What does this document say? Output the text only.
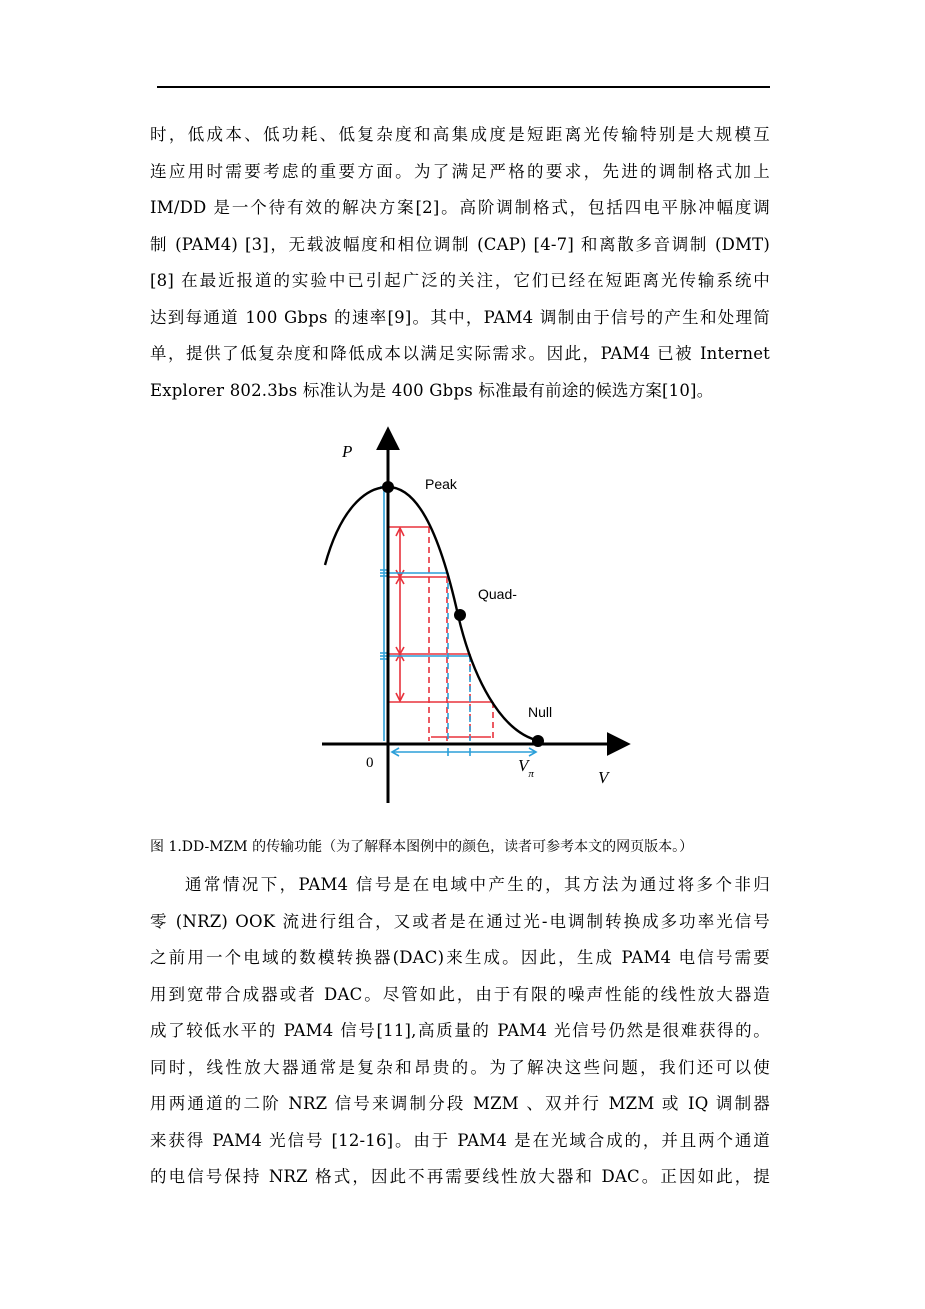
时，低成本、低功耗、低复杂度和高集成度是短距离光传输特别是大规模互
连应用时需要考虑的重要方面。为了满足严格的要求，先进的调制格式加上
IM/DD 是一个待有效的解决方案[2]。高阶调制格式，包括四电平脉冲幅度调
制 (PAM4) [3]，无载波幅度和相位调制 (CAP) [4-7] 和离散多音调制 (DMT)
[8] 在最近报道的实验中已引起广泛的关注，它们已经在短距离光传输系统中
达到每通道 100 Gbps 的速率[9]。其中，PAM4 调制由于信号的产生和处理简
单，提供了低复杂度和降低成本以满足实际需求。因此，PAM4 已被 Internet
Explorer 802.3bs 标准认为是 400 Gbps 标准最有前途的候选方案[10]。
P
V
0
Peak
Quad-
Null
$V_\pi$
图 1.DD-MZM 的传输功能（为了解释本图例中的颜色，读者可参考本文的网页版本。）
通常情况下，PAM4 信号是在电域中产生的，其方法为通过将多个非归
零 (NRZ) OOK 流进行组合，又或者是在通过光-电调制转换成多功率光信号
之前用一个电域的数模转换器(DAC)来生成。因此，生成 PAM4 电信号需要
用到宽带合成器或者 DAC。尽管如此，由于有限的噪声性能的线性放大器造
成了较低水平的 PAM4 信号[11],高质量的 PAM4 光信号仍然是很难获得的。
同时，线性放大器通常是复杂和昂贵的。为了解决这些问题，我们还可以使
用两通道的二阶 NRZ 信号来调制分段 MZM 、双并行 MZM 或 IQ 调制器
来获得 PAM4 光信号 [12-16]。由于 PAM4 是在光域合成的，并且两个通道
的电信号保持 NRZ 格式，因此不再需要线性放大器和 DAC。正因如此，提
